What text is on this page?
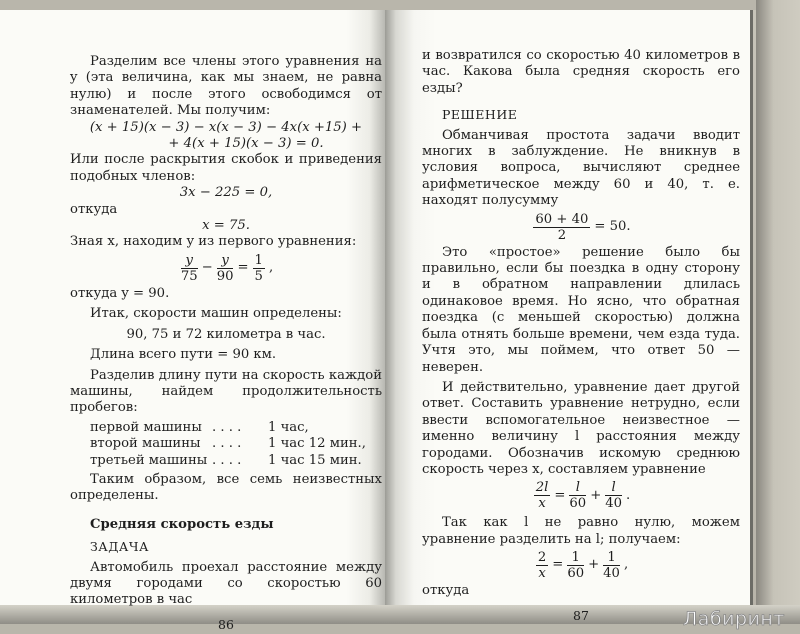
Разделим все члены этого уравнения на y (эта величина, как мы знаем, не равна нулю) и после этого освободимся от знаменателей. Мы получим:

(x + 15)(x − 3) − x(x − 3) − 4x(x +15) +

+ 4(x + 15)(x − 3) = 0.

Или после раскрытия скобок и приведения подобных членов:

3x − 225 = 0,

откуда

x = 75.

Зная x, находим y из первого уравнения:

$\frac{y}{75} - \frac{y}{90} = \frac{1}{5}$ ,

откуда y = 90.

Итак, скорости машин определены:

90, 75 и 72 километра в час.

Длина всего пути = 90 км.

Разделив длину пути на скорость каждой машины, найдем продолжительность пробегов:

первой машины . . . .	1 час,
второй машины . . . .	1 час 12 мин.,
третьей машины . . . .	1 час 15 мин.

Таким образом, все семь неизвестных определены.

Средняя скорость езды

ЗАДАЧА

Автомобиль проехал расстояние между двумя городами со скоростью 60 километров в час

86

и возвратился со скоростью 40 километров в час. Какова была средняя скорость его езды?

РЕШЕНИЕ

Обманчивая простота задачи вводит многих в заблуждение. Не вникнув в условия вопроса, вычисляют среднее арифметическое между 60 и 40, т. е. находят полусумму

$\frac{60 + 40}{2} = 50$.

Это «простое» решение было бы правильно, если бы поездка в одну сторону и в обратном направлении длилась одинаковое время. Но ясно, что обратная поездка (с меньшей скоростью) должна была отнять больше времени, чем езда туда. Учтя это, мы поймем, что ответ 50 — неверен.

И действительно, уравнение дает другой ответ. Составить уравнение нетрудно, если ввести вспомогательное неизвестное — именно величину l расстояния между городами. Обозначив искомую среднюю скорость через x, составляем уравнение

$\frac{2l}{x} = \frac{l}{60} + \frac{l}{40}$ .

Так как l не равно нулю, можем уравнение разделить на l; получаем:

$\frac{2}{x} = \frac{1}{60} + \frac{1}{40}$ ,

откуда

87	Лабиринт
